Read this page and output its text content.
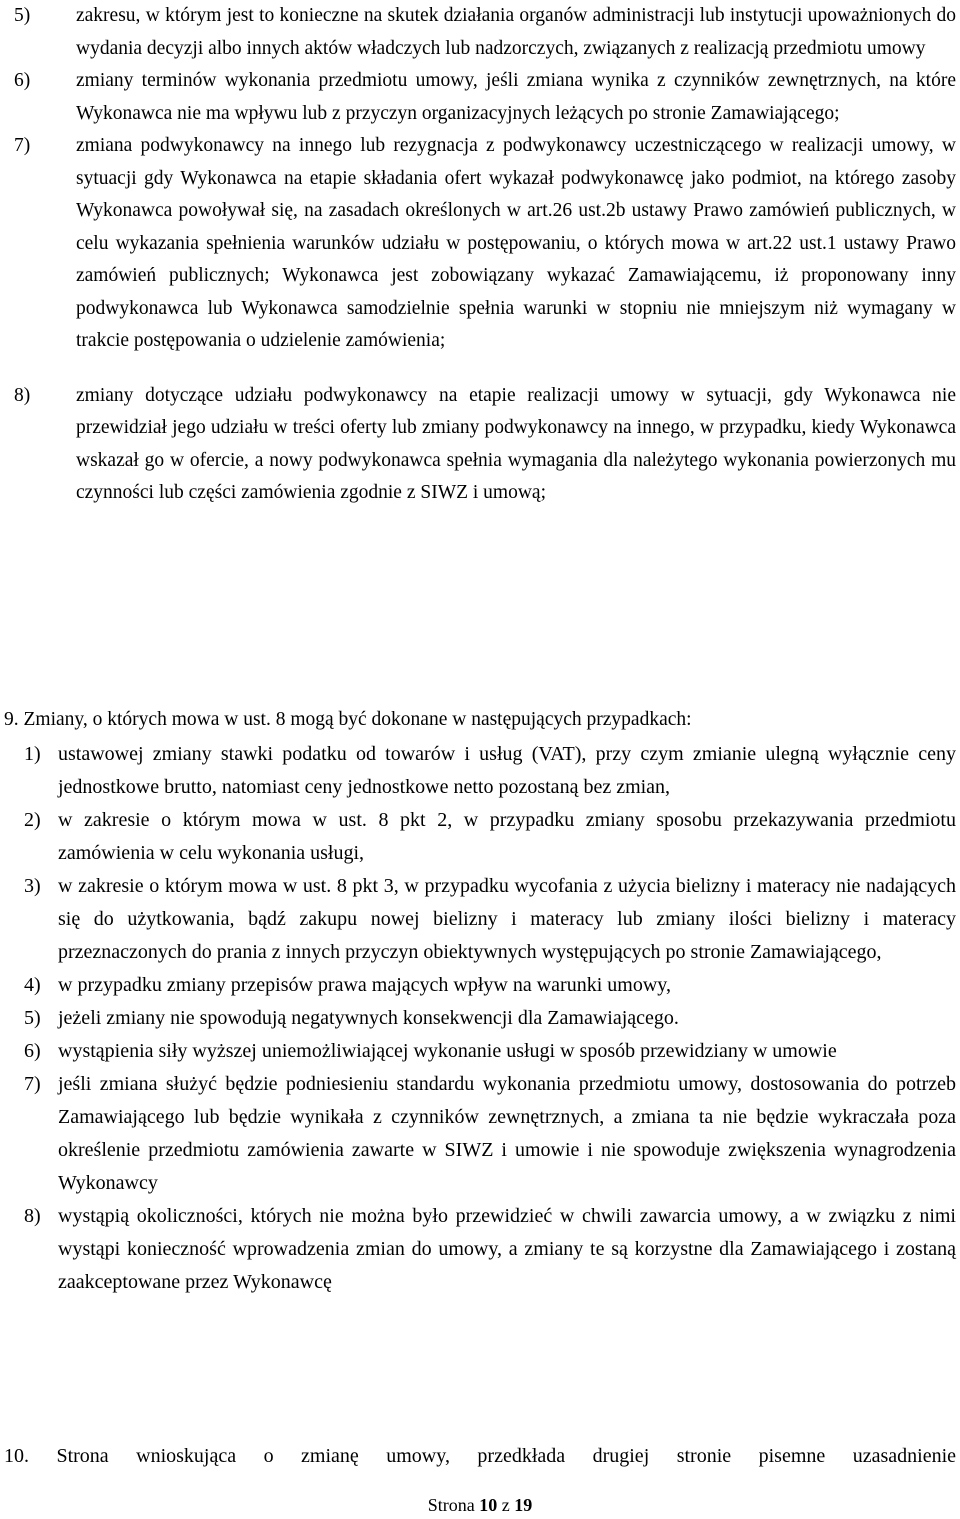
5) zakresu, w którym jest to konieczne na skutek działania organów administracji lub instytucji upoważnionych do wydania decyzji albo innych aktów władczych lub nadzorczych, związanych z realizacją przedmiotu umowy
6) zmiany terminów wykonania przedmiotu umowy, jeśli zmiana wynika z czynników zewnętrznych, na które Wykonawca nie ma wpływu lub z przyczyn organizacyjnych leżących po stronie Zamawiającego;
7) zmiana podwykonawcy na innego lub rezygnacja z podwykonawcy uczestniczącego w realizacji umowy, w sytuacji gdy Wykonawca na etapie składania ofert wykazał podwykonawcę jako podmiot, na którego zasoby Wykonawca powoływał się, na zasadach określonych w art.26 ust.2b ustawy Prawo zamówień publicznych, w celu wykazania spełnienia warunków udziału w postępowaniu, o których mowa w art.22 ust.1 ustawy Prawo zamówień publicznych; Wykonawca jest zobowiązany wykazać Zamawiającemu, iż proponowany inny podwykonawca lub Wykonawca samodzielnie spełnia warunki w stopniu nie mniejszym niż wymagany w trakcie postępowania o udzielenie zamówienia;
8) zmiany dotyczące udziału podwykonawcy na etapie realizacji umowy w sytuacji, gdy Wykonawca nie przewidział jego udziału w treści oferty lub zmiany podwykonawcy na innego, w przypadku, kiedy Wykonawca wskazał go w ofercie, a nowy podwykonawca spełnia wymagania dla należytego wykonania powierzonych mu czynności lub części zamówienia zgodnie z SIWZ i umową;
9. Zmiany, o których mowa w ust. 8 mogą być dokonane w następujących przypadkach:
1) ustawowej zmiany stawki podatku od towarów i usług (VAT), przy czym zmianie ulegną wyłącznie ceny jednostkowe brutto, natomiast ceny jednostkowe netto pozostaną bez zmian,
2) w zakresie o którym mowa w ust. 8 pkt 2, w przypadku zmiany sposobu przekazywania przedmiotu zamówienia w celu wykonania usługi,
3) w zakresie o którym mowa w ust. 8 pkt 3, w przypadku wycofania z użycia bielizny i materacy nie nadających się do użytkowania, bądź zakupu nowej bielizny i materacy lub zmiany ilości bielizny i materacy przeznaczonych do prania z innych przyczyn obiektywnych występujących po stronie Zamawiającego,
4) w przypadku zmiany przepisów prawa mających wpływ na warunki umowy,
5) jeżeli zmiany nie spowodują negatywnych konsekwencji dla Zamawiającego.
6) wystąpienia siły wyższej uniemożliwiającej wykonanie usługi w sposób przewidziany w umowie
7) jeśli zmiana służyć będzie podniesieniu standardu wykonania przedmiotu umowy, dostosowania do potrzeb Zamawiającego lub będzie wynikała z czynników zewnętrznych, a zmiana ta nie będzie wykraczała poza określenie przedmiotu zamówienia zawarte w SIWZ i umowie i nie spowoduje zwiększenia wynagrodzenia Wykonawcy
8) wystąpią okoliczności, których nie można było przewidzieć w chwili zawarcia umowy, a w związku z nimi wystąpi konieczność wprowadzenia zmian do umowy, a zmiany te są korzystne dla Zamawiającego i zostaną zaakceptowane przez Wykonawcę
10. Strona wnioskująca o zmianę umowy, przedkłada drugiej stronie pisemne uzasadnienie
Strona 10 z 19
